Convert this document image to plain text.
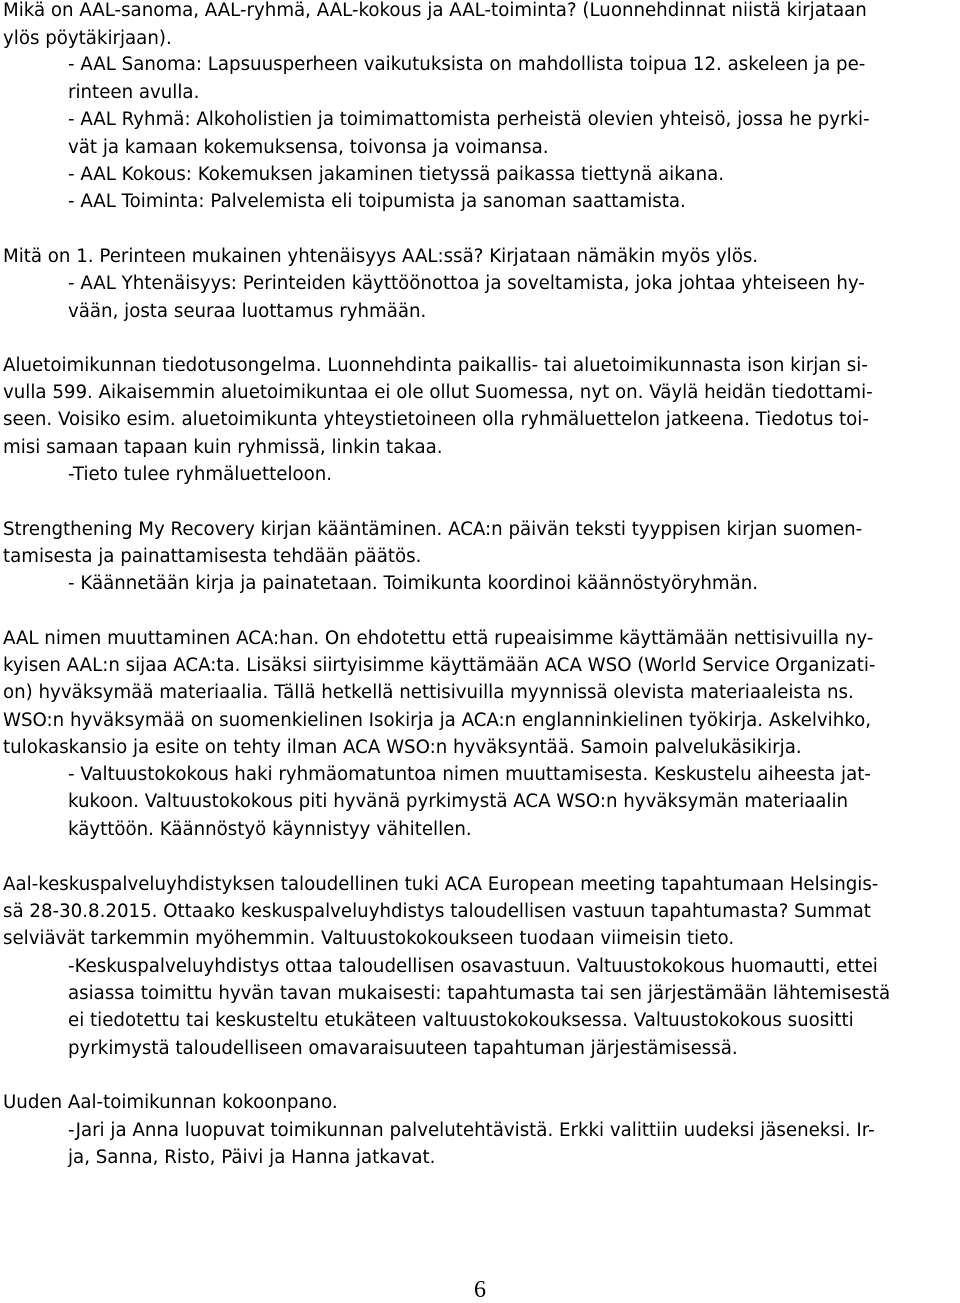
Mikä on AAL-sanoma, AAL-ryhmä, AAL-kokous ja AAL-toiminta? (Luonnehdinnat niistä kirjataan
ylös pöytäkirjaan).
- AAL Sanoma: Lapsuusperheen vaikutuksista on mahdollista toipua 12. askeleen ja pe-
rinteen avulla.
- AAL Ryhmä: Alkoholistien ja toimimattomista perheistä olevien yhteisö, jossa he pyrki-
vät ja kamaan kokemuksensa, toivonsa ja voimansa.
- AAL Kokous: Kokemuksen jakaminen tietyssä paikassa tiettynä aikana.
- AAL Toiminta: Palvelemista eli toipumista ja sanoman saattamista.
Mitä on 1. Perinteen mukainen yhtenäisyys AAL:ssä? Kirjataan nämäkin myös ylös.
- AAL Yhtenäisyys: Perinteiden käyttöönottoa ja soveltamista, joka johtaa yhteiseen hy-
vään, josta seuraa luottamus ryhmään.
Aluetoimikunnan tiedotusongelma. Luonnehdinta paikallis- tai aluetoimikunnasta ison kirjan si-
vulla 599. Aikaisemmin aluetoimikuntaa ei ole ollut Suomessa, nyt on. Väylä heidän tiedottami-
seen. Voisiko esim. aluetoimikunta yhteystietoineen olla ryhmäluettelon jatkeena. Tiedotus toi-
misi samaan tapaan kuin ryhmissä, linkin takaa.
-Tieto tulee ryhmäluetteloon.
Strengthening My Recovery kirjan kääntäminen. ACA:n päivän teksti tyyppisen kirjan suomen-
tamisesta ja painattamisesta tehdään päätös.
- Käännetään kirja ja painatetaan. Toimikunta koordinoi käännöstyöryhmän.
AAL nimen muuttaminen ACA:han. On ehdotettu että rupeaisimme käyttämään nettisivuilla ny-
kyisen AAL:n sijaa ACA:ta. Lisäksi siirtyisimme käyttämään ACA WSO (World Service Organizati-
on) hyväksymää materiaalia. Tällä hetkellä nettisivuilla myynnissä olevista materiaaleista ns.
WSO:n hyväksymää on suomenkielinen Isokirja ja ACA:n englanninkielinen työkirja. Askelvihko,
tulokaskansio ja esite on tehty ilman ACA WSO:n hyväksyntää. Samoin palvelukäsikirja.
- Valtuustokokous haki ryhmäomatuntoa nimen muuttamisesta. Keskustelu aiheesta jat-
kukoon. Valtuustokokous piti hyvänä pyrkimystä ACA WSO:n hyväksymän materiaalin
käyttöön. Käännöstyö käynnistyy vähitellen.
Aal-keskuspalveluyhdistyksen taloudellinen tuki ACA European meeting tapahtumaan Helsingis-
sä 28-30.8.2015. Ottaako keskuspalveluyhdistys taloudellisen vastuun tapahtumasta? Summat
selviävät tarkemmin myöhemmin. Valtuustokokoukseen tuodaan viimeisin tieto.
-Keskuspalveluyhdistys ottaa taloudellisen osavastuun. Valtuustokokous huomautti, ettei
asiassa toimittu hyvän tavan mukaisesti: tapahtumasta tai sen järjestämään lähtemisestä
ei tiedotettu tai keskusteltu etukäteen valtuustokokouksessa. Valtuustokokous suositti
pyrkimystä taloudelliseen omavaraisuuteen tapahtuman järjestämisessä.
Uuden Aal-toimikunnan kokoonpano.
-Jari ja Anna luopuvat toimikunnan palvelutehtävistä. Erkki valittiin uudeksi jäseneksi. Ir-
ja, Sanna, Risto, Päivi ja Hanna jatkavat.
6
